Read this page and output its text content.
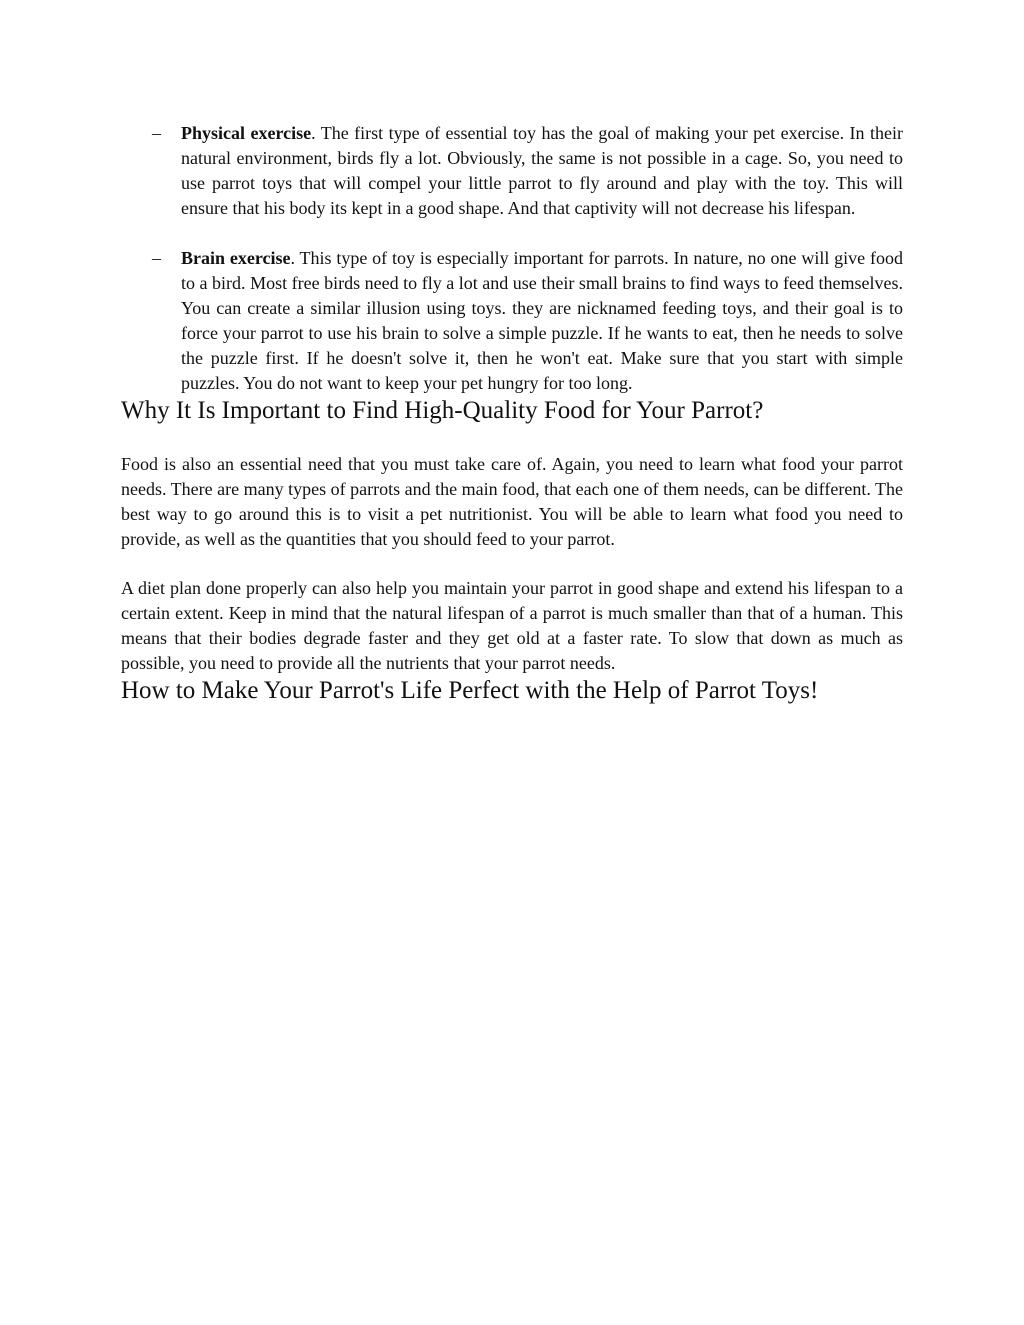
– Physical exercise. The first type of essential toy has the goal of making your pet exercise. In their natural environment, birds fly a lot. Obviously, the same is not possible in a cage. So, you need to use parrot toys that will compel your little parrot to fly around and play with the toy. This will ensure that his body its kept in a good shape. And that captivity will not decrease his lifespan.
– Brain exercise. This type of toy is especially important for parrots. In nature, no one will give food to a bird. Most free birds need to fly a lot and use their small brains to find ways to feed themselves. You can create a similar illusion using toys. they are nicknamed feeding toys, and their goal is to force your parrot to use his brain to solve a simple puzzle. If he wants to eat, then he needs to solve the puzzle first. If he doesn't solve it, then he won't eat. Make sure that you start with simple puzzles. You do not want to keep your pet hungry for too long.
Why It Is Important to Find High-Quality Food for Your Parrot?

Food is also an essential need that you must take care of. Again, you need to learn what food your parrot needs. There are many types of parrots and the main food, that each one of them needs, can be different. The best way to go around this is to visit a pet nutritionist. You will be able to learn what food you need to provide, as well as the quantities that you should feed to your parrot.

A diet plan done properly can also help you maintain your parrot in good shape and extend his lifespan to a certain extent. Keep in mind that the natural lifespan of a parrot is much smaller than that of a human. This means that their bodies degrade faster and they get old at a faster rate. To slow that down as much as possible, you need to provide all the nutrients that your parrot needs.

How to Make Your Parrot's Life Perfect with the Help of Parrot Toys!
